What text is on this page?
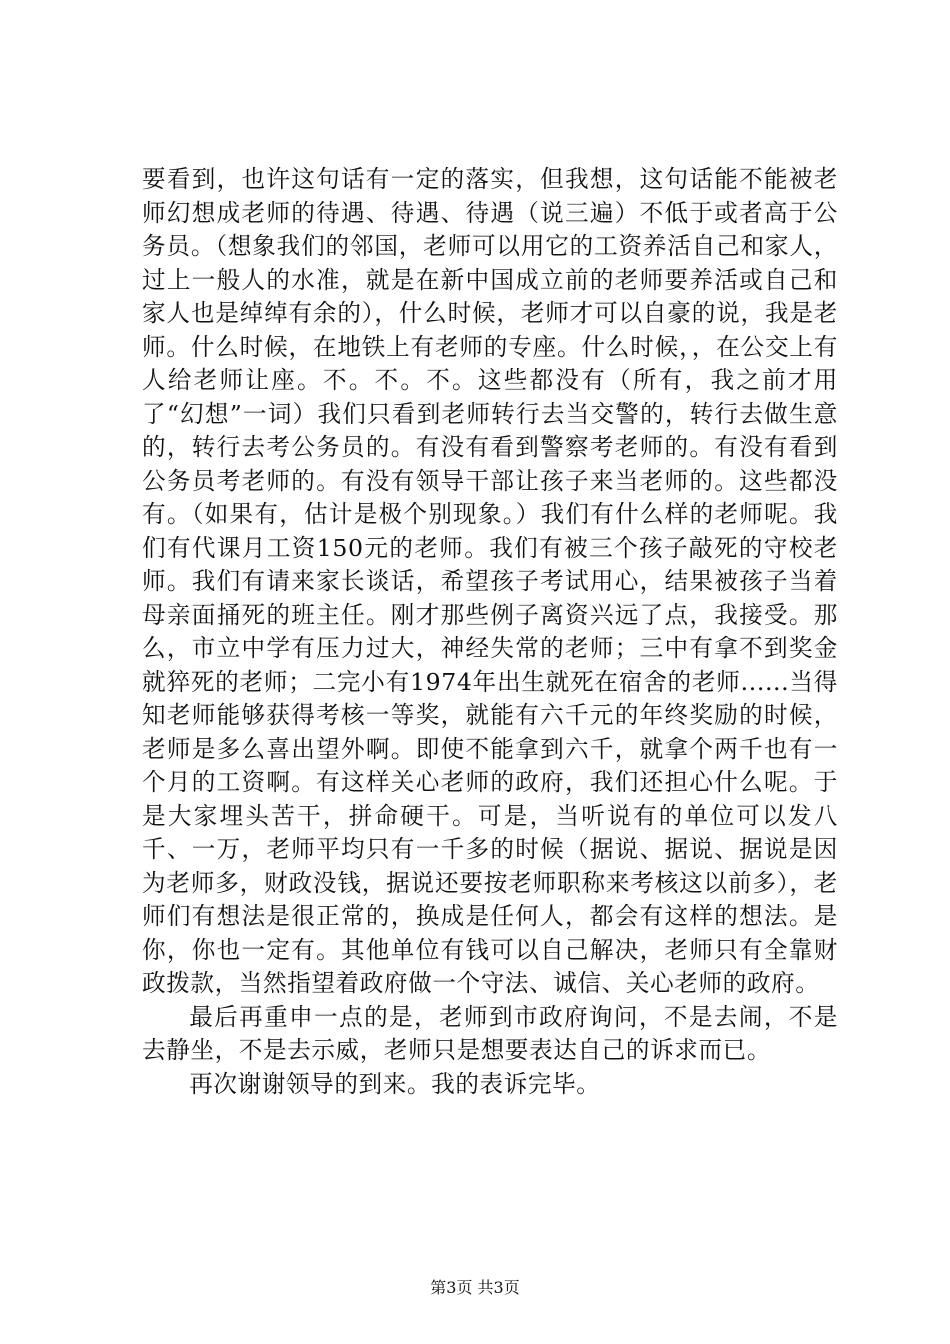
要看到，也许这句话有一定的落实，但我想，这句话能不能被老师幻想成老师的待遇、待遇、待遇（说三遍）不低于或者高于公务员。（想象我们的邻国，老师可以用它的工资养活自己和家人，过上一般人的水准，就是在新中国成立前的老师要养活或自己和家人也是绰绰有余的），什么时候，老师才可以自豪的说，我是老师。什么时候，在地铁上有老师的专座。什么时候，，在公交上有人给老师让座。不。不。不。这些都没有（所有，我之前才用了“幻想”一词）我们只看到老师转行去当交警的，转行去做生意的，转行去考公务员的。有没有看到警察考老师的。有没有看到公务员考老师的。有没有领导干部让孩子来当老师的。这些都没有。（如果有，估计是极个别现象。）我们有什么样的老师呢。我们有代课月工资150元的老师。我们有被三个孩子敲死的守校老师。我们有请来家长谈话，希望孩子考试用心，结果被孩子当着母亲面捅死的班主任。刚才那些例子离资兴远了点，我接受。那么，市立中学有压力过大，神经失常的老师；三中有拿不到奖金就猝死的老师；二完小有1974年出生就死在宿舍的老师......当得知老师能够获得考核一等奖，就能有六千元的年终奖励的时候，老师是多么喜出望外啊。即使不能拿到六千，就拿个两千也有一个月的工资啊。有这样关心老师的政府，我们还担心什么呢。于是大家埋头苦干，拼命硬干。可是，当听说有的单位可以发八千、一万，老师平均只有一千多的时候（据说、据说、据说是因为老师多，财政没钱，据说还要按老师职称来考核这以前多），老师们有想法是很正常的，换成是任何人，都会有这样的想法。是你，你也一定有。其他单位有钱可以自己解决，老师只有全靠财政拨款，当然指望着政府做一个守法、诚信、关心老师的政府。

最后再重申一点的是，老师到市政府询问，不是去闹，不是去静坐，不是去示威，老师只是想要表达自己的诉求而已。

再次谢谢领导的到来。我的表诉完毕。

第3页 共3页
